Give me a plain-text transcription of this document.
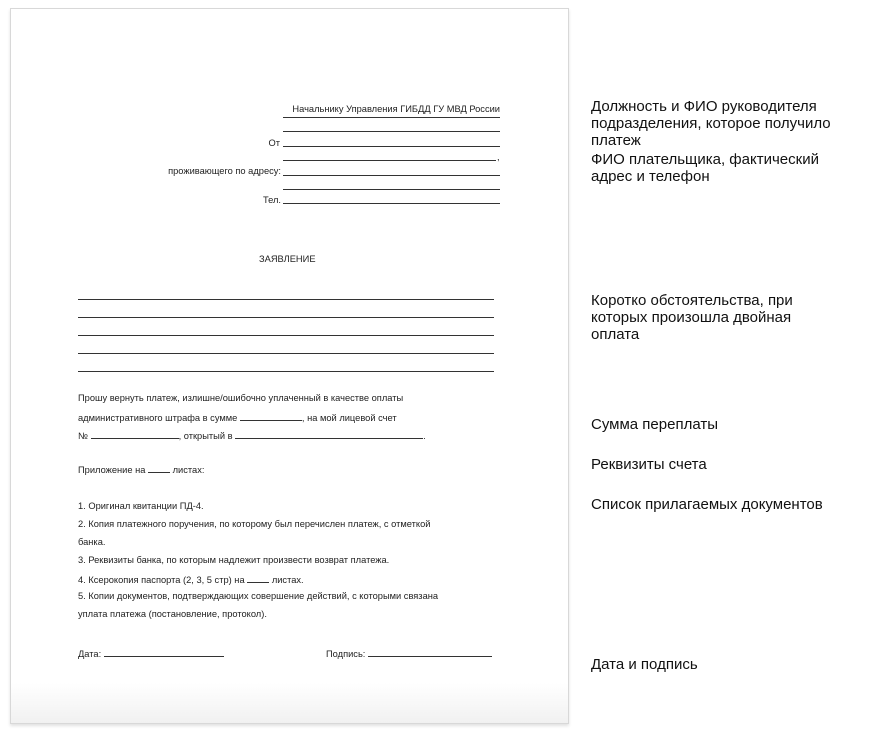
Начальнику Управления ГИБДД ГУ МВД России
От
,
проживающего по адресу:
Тел.
ЗАЯВЛЕНИЕ
Прошу вернуть платеж, излишне/ошибочно уплаченный в качестве оплаты
административного штрафа в сумме	, на мой лицевой счет
№	, открытый в	.
Приложение на	листах:
1. Оригинал квитанции ПД-4.
2. Копия платежного поручения, по которому был перечислен платеж, с отметкой
банка.
3. Реквизиты банка, по которым надлежит произвести возврат платежа.
4. Ксерокопия паспорта (2, 3, 5 стр) на	листах.
5. Копии документов, подтверждающих совершение действий, с которыми связана
уплата платежа (постановление, протокол).
Дата:	Подпись:
Должность и ФИО руководителя
подразделения, которое получило
платеж
ФИО плательщика, фактический
адрес и телефон
Коротко обстоятельства, при
которых произошла двойная
оплата
Сумма переплаты
Реквизиты счета
Список прилагаемых документов
Дата и подпись
